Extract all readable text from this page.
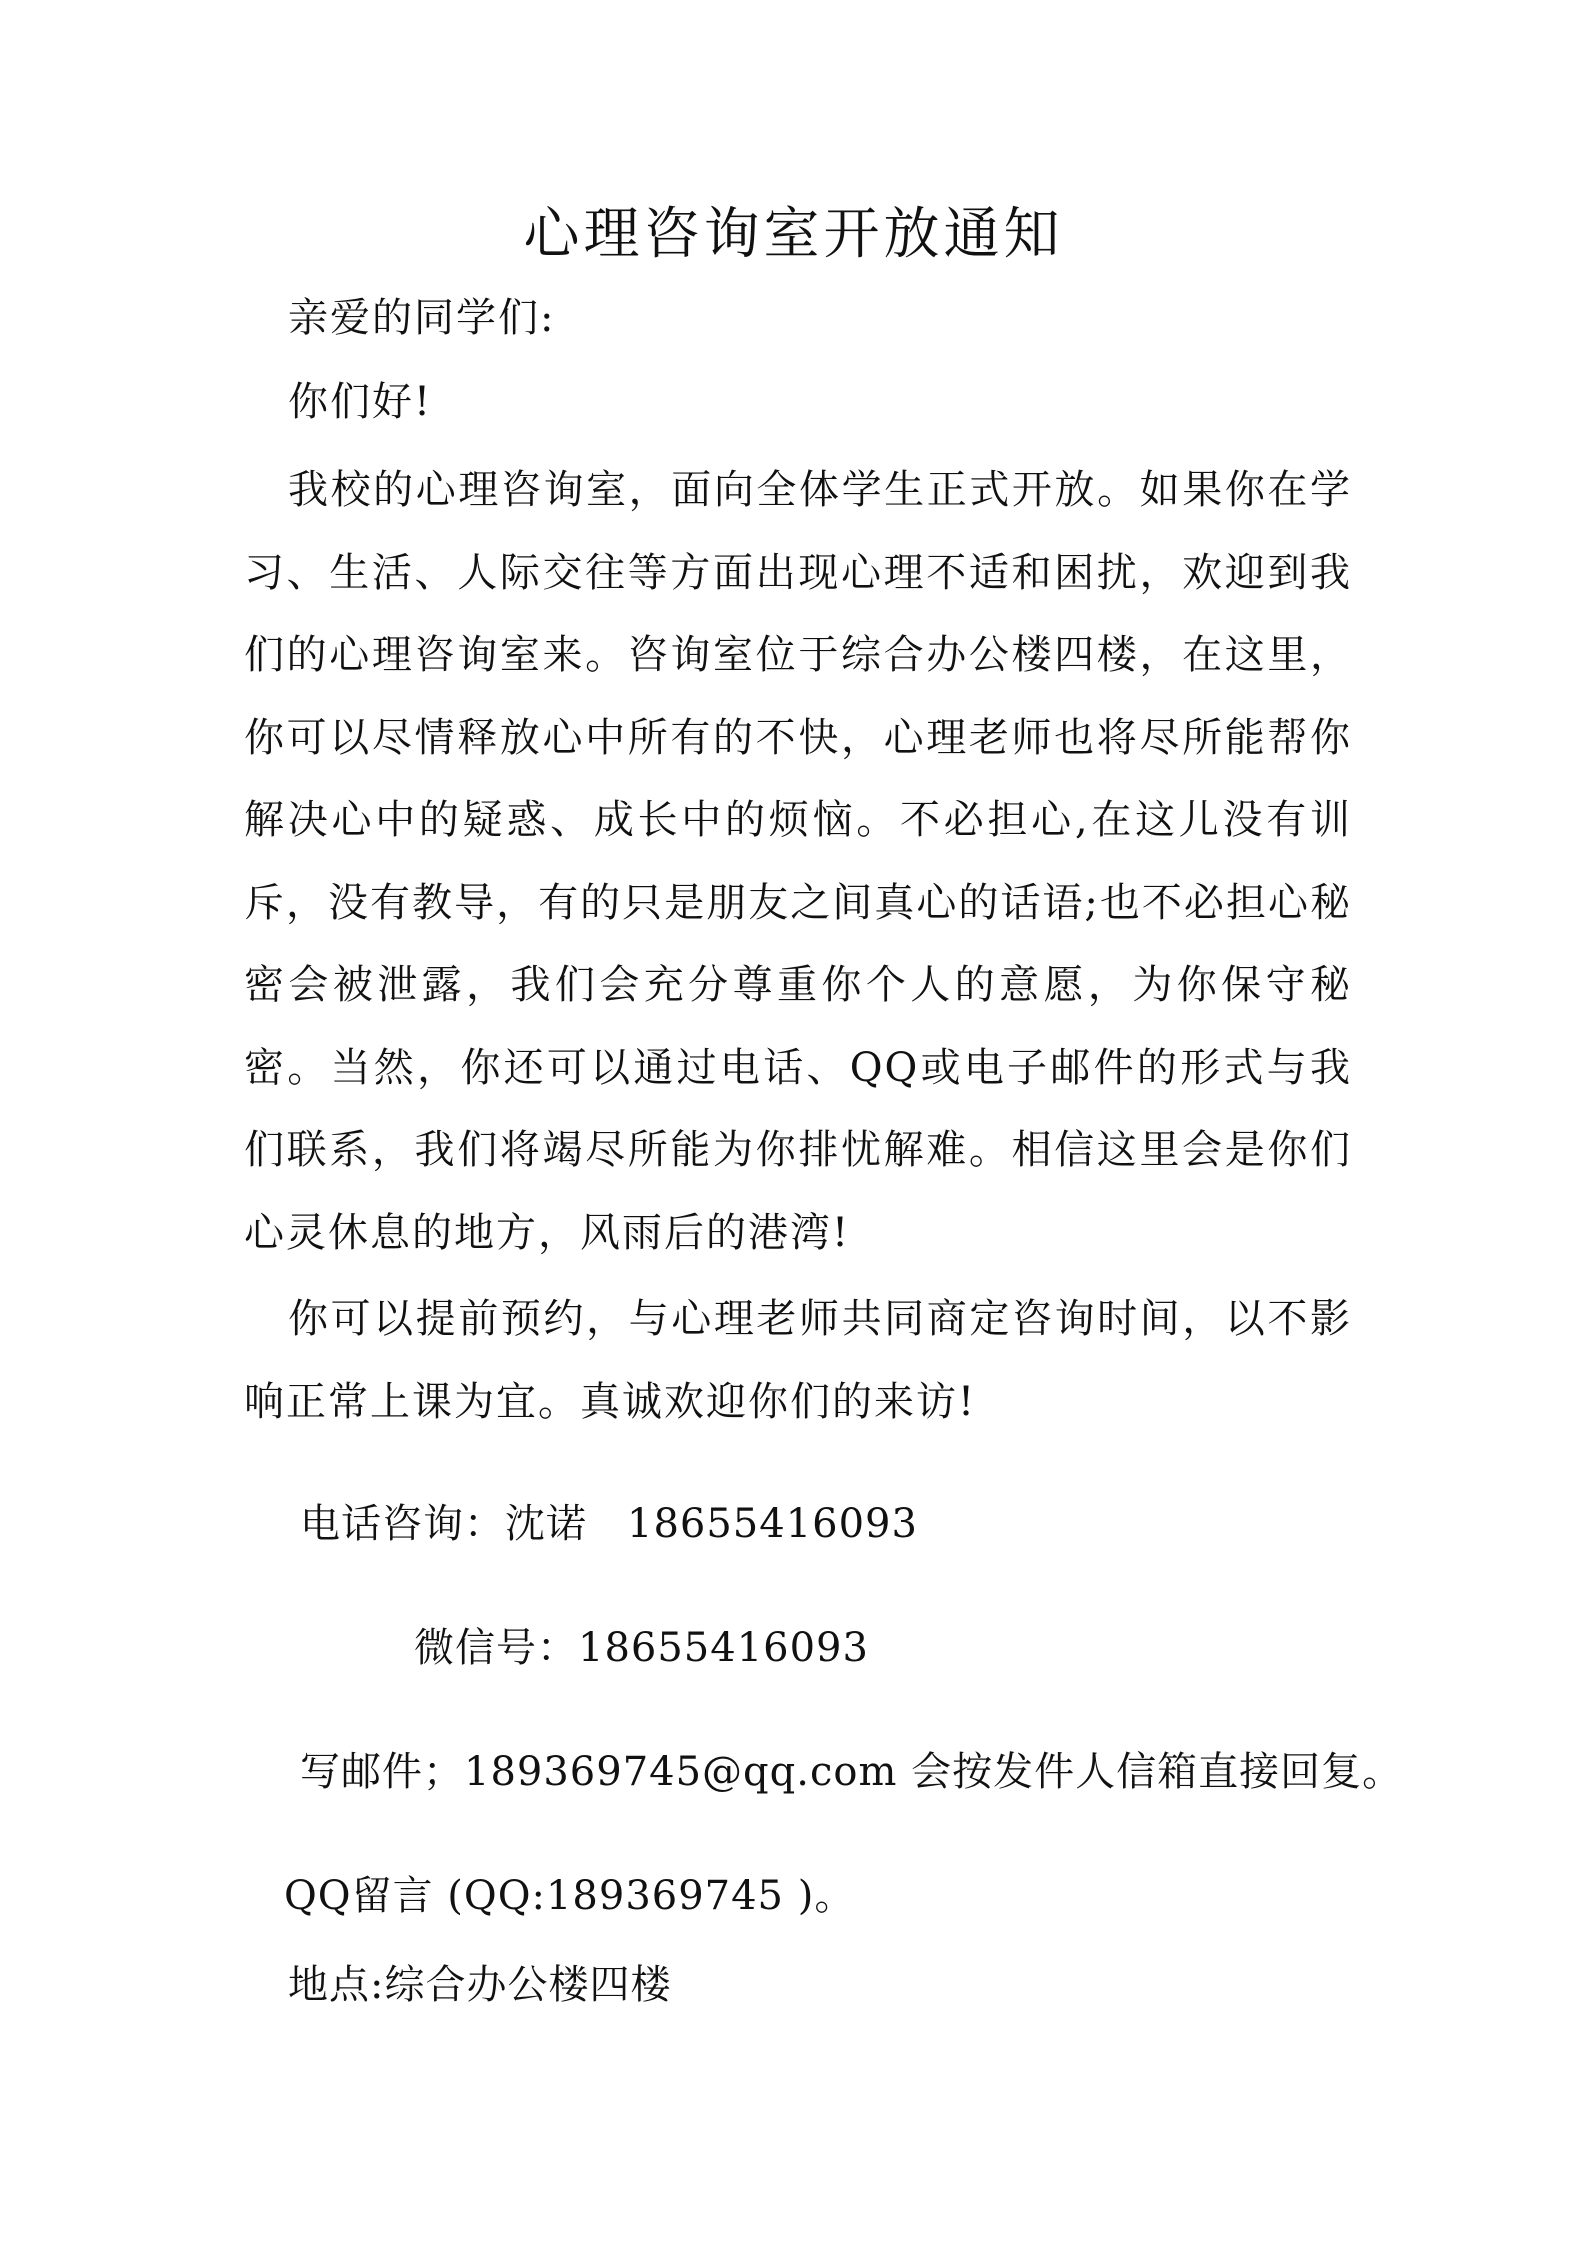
心理咨询室开放通知

亲爱的同学们:

你们好!

我校的心理咨询室，面向全体学生正式开放。如果你在学习、生活、人际交往等方面出现心理不适和困扰，欢迎到我们的心理咨询室来。咨询室位于综合办公楼四楼，在这里，你可以尽情释放心中所有的不快，心理老师也将尽所能帮你解决心中的疑惑、成长中的烦恼。不必担心,在这儿没有训斥，没有教导，有的只是朋友之间真心的话语;也不必担心秘密会被泄露，我们会充分尊重你个人的意愿，为你保守秘密。当然，你还可以通过电话、QQ或电子邮件的形式与我们联系，我们将竭尽所能为你排忧解难。相信这里会是你们心灵休息的地方，风雨后的港湾!

你可以提前预约，与心理老师共同商定咨询时间，以不影响正常上课为宜。真诚欢迎你们的来访!

电话咨询：沈诺 18655416093

微信号：18655416093

写邮件；189369745@qq.com 会按发件人信箱直接回复。

QQ留言 (QQ:189369745 )。

地点:综合办公楼四楼
